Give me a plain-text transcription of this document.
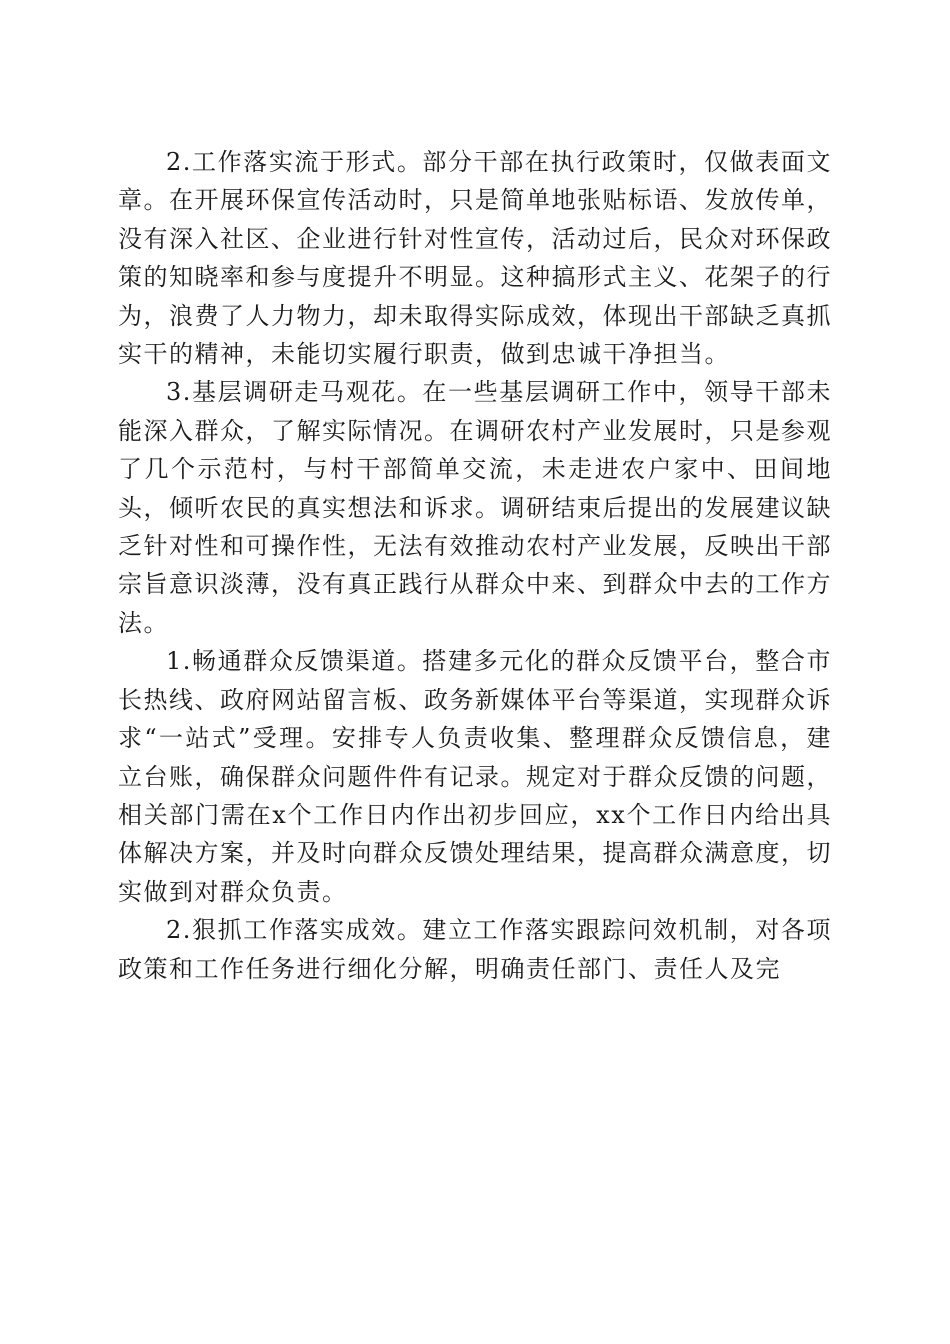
2.工作落实流于形式。部分干部在执行政策时，仅做表面文章。在开展环保宣传活动时，只是简单地张贴标语、发放传单，没有深入社区、企业进行针对性宣传，活动过后，民众对环保政策的知晓率和参与度提升不明显。这种搞形式主义、花架子的行为，浪费了人力物力，却未取得实际成效，体现出干部缺乏真抓实干的精神，未能切实履行职责，做到忠诚干净担当。

3.基层调研走马观花。在一些基层调研工作中，领导干部未能深入群众，了解实际情况。在调研农村产业发展时，只是参观了几个示范村，与村干部简单交流，未走进农户家中、田间地头，倾听农民的真实想法和诉求。调研结束后提出的发展建议缺乏针对性和可操作性，无法有效推动农村产业发展，反映出干部宗旨意识淡薄，没有真正践行从群众中来、到群众中去的工作方法。

1.畅通群众反馈渠道。搭建多元化的群众反馈平台，整合市长热线、政府网站留言板、政务新媒体平台等渠道，实现群众诉求“一站式”受理。安排专人负责收集、整理群众反馈信息，建立台账，确保群众问题件件有记录。规定对于群众反馈的问题，相关部门需在x个工作日内作出初步回应，xx个工作日内给出具体解决方案，并及时向群众反馈处理结果，提高群众满意度，切实做到对群众负责。

2.狠抓工作落实成效。建立工作落实跟踪问效机制，对各项政策和工作任务进行细化分解，明确责任部门、责任人及完
